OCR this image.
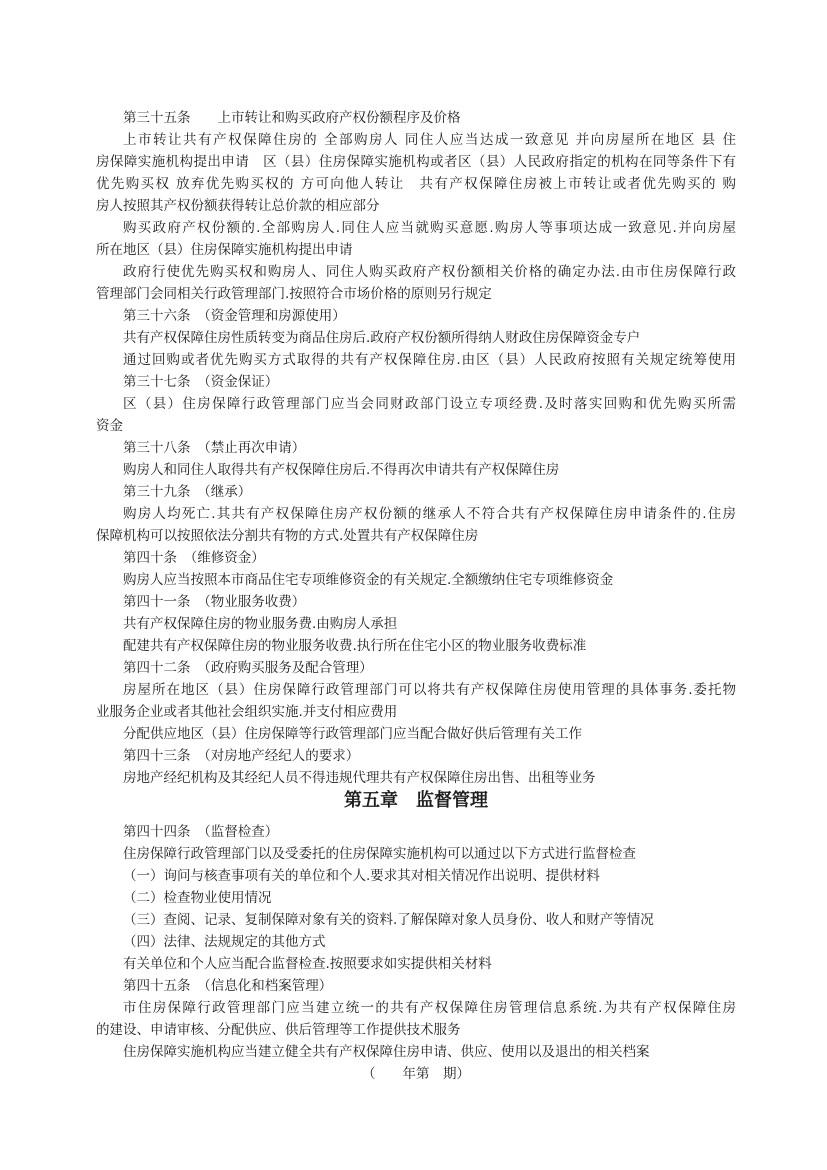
第三十五条　　上市转让和购买政府产权份额程序及价格
上市转让共有产权保障住房的 全部购房人 同住人应当达成一致意见 并向房屋所在地区 县 住
房保障实施机构提出申请　区（县）住房保障实施机构或者区（县）人民政府指定的机构在同等条件下有
优先购买权 放弃优先购买权的 方可向他人转让　共有产权保障住房被上市转让或者优先购买的 购
房人按照其产权份额获得转让总价款的相应部分
购买政府产权份额的.全部购房人.同住人应当就购买意愿.购房人等事项达成一致意见.并向房屋
所在地区（县）住房保障实施机构提出申请
政府行使优先购买权和购房人、同住人购买政府产权份额相关价格的确定办法.由市住房保障行政
管理部门会同相关行政管理部门.按照符合市场价格的原则另行规定
第三十六条　（资金管理和房源使用）
共有产权保障住房性质转变为商品住房后.政府产权份额所得纳人财政住房保障资金专户
通过回购或者优先购买方式取得的共有产权保障住房.由区（县）人民政府按照有关规定统筹使用
第三十七条　（资金保证）
区（县）住房保障行政管理部门应当会同财政部门设立专项经费.及时落实回购和优先购买所需
资金
第三十八条　（禁止再次申请）
购房人和同住人取得共有产权保障住房后.不得再次申请共有产权保障住房
第三十九条　（继承）
购房人均死亡.其共有产权保障住房产权份额的继承人不符合共有产权保障住房申请条件的.住房
保障机构可以按照依法分割共有物的方式.处置共有产权保障住房
第四十条　（维修资金）
购房人应当按照本市商品住宅专项维修资金的有关规定.全额缴纳住宅专项维修资金
第四十一条　（物业服务收费）
共有产权保障住房的物业服务费.由购房人承担
配建共有产权保障住房的物业服务收费.执行所在住宅小区的物业服务收费标准
第四十二条　（政府购买服务及配合管理）
房屋所在地区（县）住房保障行政管理部门可以将共有产权保障住房使用管理的具体事务.委托物
业服务企业或者其他社会组织实施.并支付相应费用
分配供应地区（县）住房保障等行政管理部门应当配合做好供后管理有关工作
第四十三条　（对房地产经纪人的要求）
房地产经纪机构及其经纪人员不得违规代理共有产权保障住房出售、出租等业务
第五章　监督管理
第四十四条　（监督检查）
住房保障行政管理部门以及受委托的住房保障实施机构可以通过以下方式进行监督检查
（一）询问与核查事项有关的单位和个人.要求其对相关情况作出说明、提供材料
（二）检查物业使用情况
（三）查阅、记录、复制保障对象有关的资料.了解保障对象人员身份、收人和财产等情况
（四）法律、法规规定的其他方式
有关单位和个人应当配合监督检查.按照要求如实提供相关材料
第四十五条　（信息化和档案管理）
市住房保障行政管理部门应当建立统一的共有产权保障住房管理信息系统.为共有产权保障住房
的建设、申请审核、分配供应、供后管理等工作提供技术服务
住房保障实施机构应当建立健全共有产权保障住房申请、供应、使用以及退出的相关档案
（　　年第　期）
